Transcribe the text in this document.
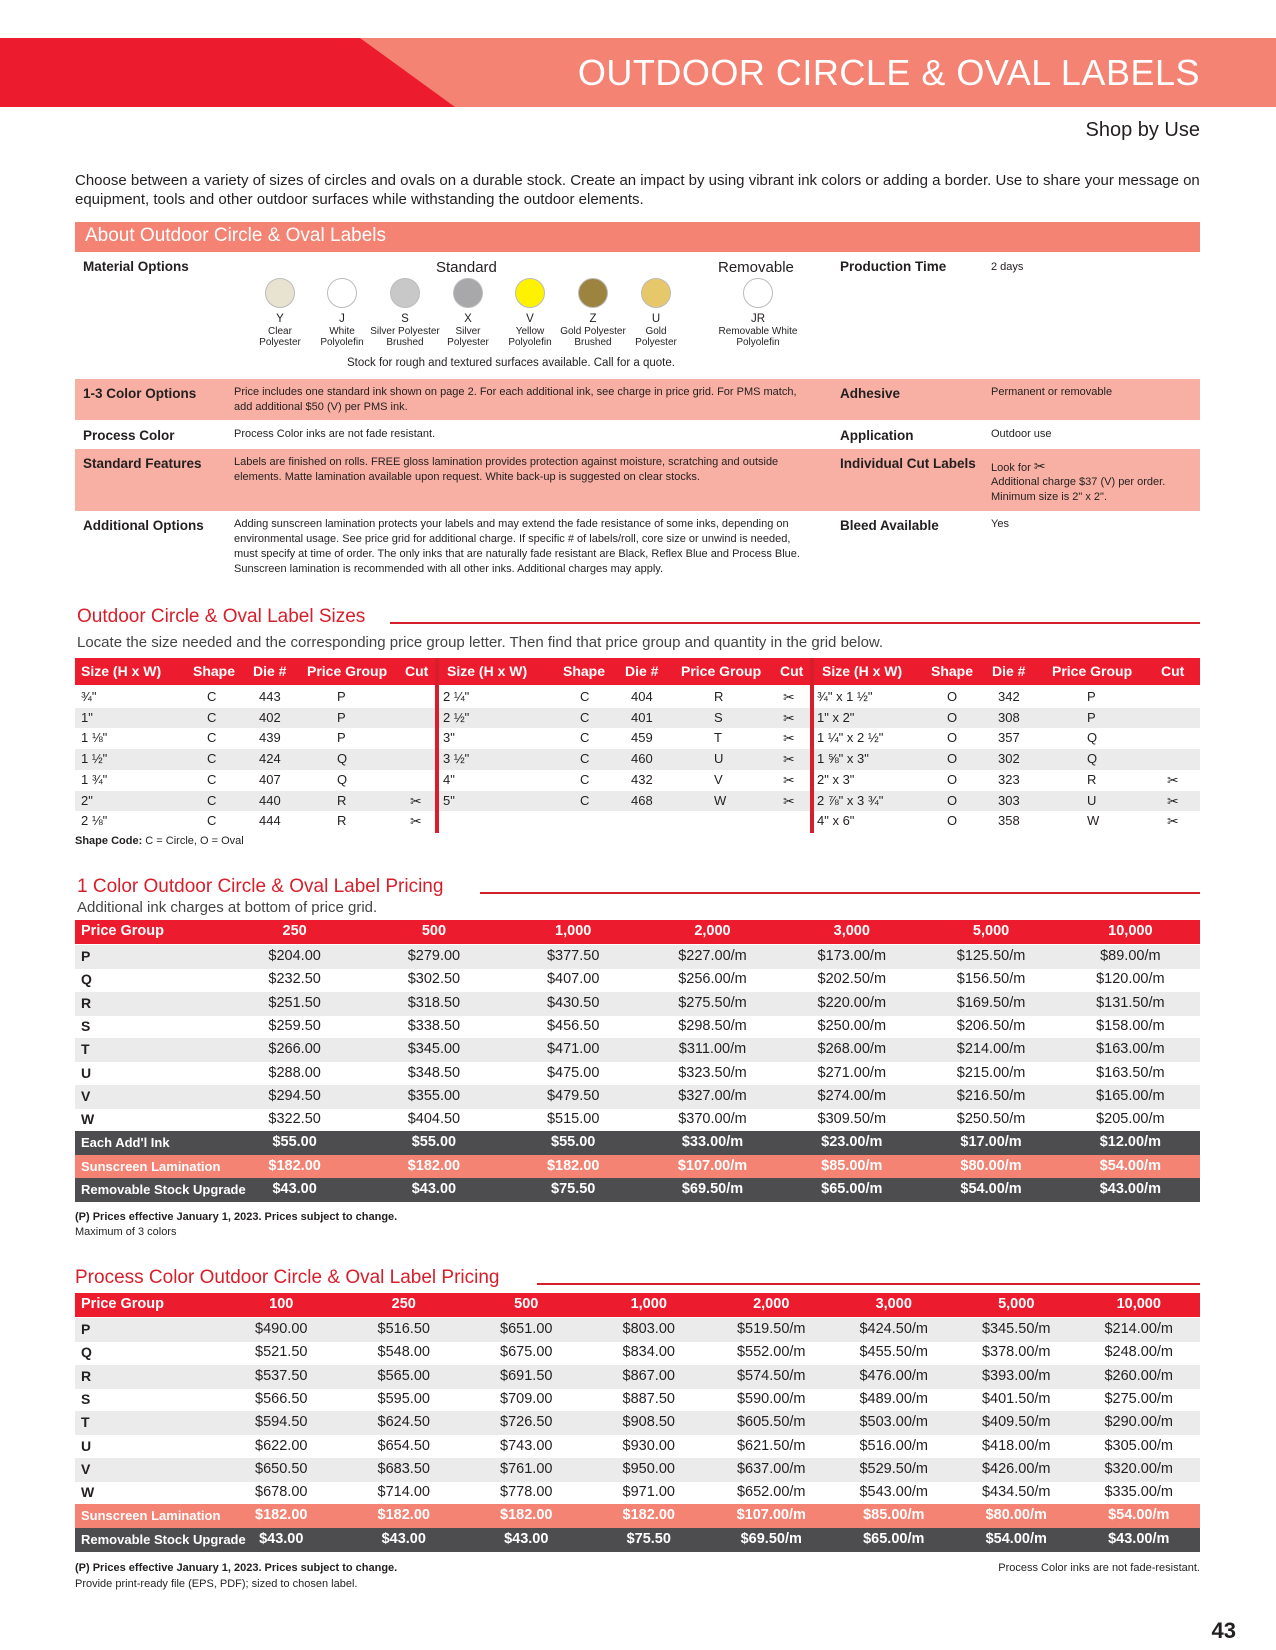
OUTDOOR CIRCLE & OVAL LABELS
Shop by Use
Choose between a variety of sizes of circles and ovals on a durable stock. Create an impact by using vibrant ink colors or adding a border. Use to share your message on equipment, tools and other outdoor surfaces while withstanding the outdoor elements.
About Outdoor Circle & Oval Labels
Material Options	Standard	Removable
Y
Clear
Polyester
J
White
Polyolefin
S
Silver Polyester
Brushed
X
Silver
Polyester
V
Yellow
Polyolefin
Z
Gold Polyester
Brushed
U
Gold
Polyester
JR
Removable White
Polyolefin
Stock for rough and textured surfaces available. Call for a quote.
Production Time	2 days
1-3 Color Options	Price includes one standard ink shown on page 2. For each additional ink, see charge in price grid. For PMS match, add additional $50 (V) per PMS ink.
Adhesive	Permanent or removable
Process Color	Process Color inks are not fade resistant.	Application	Outdoor use
Standard Features	Labels are finished on rolls. FREE gloss lamination provides protection against moisture, scratching and outside elements. Matte lamination available upon request. White back-up is suggested on clear stocks.
Individual Cut Labels Look for ✂
Additional charge $37 (V) per order.
Minimum size is 2" x 2".
Additional Options	Adding sunscreen lamination protects your labels and may extend the fade resistance of some inks, depending on environmental usage. See price grid for additional charge. If specific # of labels/roll, core size or unwind is needed, must specify at time of order. The only inks that are naturally fade resistant are Black, Reflex Blue and Process Blue. Sunscreen lamination is recommended with all other inks. Additional charges may apply.
Bleed Available	Yes
Outdoor Circle & Oval Label Sizes
Locate the size needed and the corresponding price group letter. Then find that price group and quantity in the grid below.
Size (H x W) Shape Die # Price Group Cut Size (H x W)	Shape Die # Price Group Cut Size (H x W) Shape Die # Price Group Cut
¾"	C	443	P
1"	C	402	P
1 ⅛"	C	439	P
1 ½"	C	424	Q
1 ¾"	C	407	Q
2"	C	440	R	✂
2 ⅛"	C	444	R	✂
2 ¼"	C	404	R	✂
2 ½"	C	401	S	✂
3"	C	459	T	✂
3 ½"	C	460	U	✂
4"	C	432	V	✂
5"	C	468	W	✂
¾" x 1 ½"	O	342	P
1" x 2"	O	308	P
1 ¼" x 2 ½"	O	357	Q
1 ⅝" x 3"	O	302	Q
2" x 3"	O	323	R	✂
2 ⅞" x 3 ¾"	O	303	U	✂
4" x 6"	O	358	W	✂
Shape Code: C = Circle, O = Oval
1 Color Outdoor Circle & Oval Label Pricing
Additional ink charges at bottom of price grid.
Price Group	250	500	1,000	2,000	3,000	5,000	10,000
P	$204.00	$279.00	$377.50	$227.00/m	$173.00/m	$125.50/m	$89.00/m
Q	$232.50	$302.50	$407.00	$256.00/m	$202.50/m	$156.50/m	$120.00/m
R	$251.50	$318.50	$430.50	$275.50/m	$220.00/m	$169.50/m	$131.50/m
S	$259.50	$338.50	$456.50	$298.50/m	$250.00/m	$206.50/m	$158.00/m
T	$266.00	$345.00	$471.00	$311.00/m	$268.00/m	$214.00/m	$163.00/m
U	$288.00	$348.50	$475.00	$323.50/m	$271.00/m	$215.00/m	$163.50/m
V	$294.50	$355.00	$479.50	$327.00/m	$274.00/m	$216.50/m	$165.00/m
W	$322.50	$404.50	$515.00	$370.00/m	$309.50/m	$250.50/m	$205.00/m
Each Add'l Ink	$55.00	$55.00	$55.00	$33.00/m	$23.00/m	$17.00/m	$12.00/m
Sunscreen Lamination	$182.00	$182.00	$182.00	$107.00/m	$85.00/m	$80.00/m	$54.00/m
Removable Stock Upgrade	$43.00	$43.00	$75.50	$69.50/m	$65.00/m	$54.00/m	$43.00/m
(P) Prices effective January 1, 2023. Prices subject to change.
Maximum of 3 colors
Process Color Outdoor Circle & Oval Label Pricing
Price Group	100	250	500	1,000	2,000	3,000	5,000	10,000
P	$490.00	$516.50	$651.00	$803.00	$519.50/m	$424.50/m	$345.50/m	$214.00/m
Q	$521.50	$548.00	$675.00	$834.00	$552.00/m	$455.50/m	$378.00/m	$248.00/m
R	$537.50	$565.00	$691.50	$867.00	$574.50/m	$476.00/m	$393.00/m	$260.00/m
S	$566.50	$595.00	$709.00	$887.50	$590.00/m	$489.00/m	$401.50/m	$275.00/m
T	$594.50	$624.50	$726.50	$908.50	$605.50/m	$503.00/m	$409.50/m	$290.00/m
U	$622.00	$654.50	$743.00	$930.00	$621.50/m	$516.00/m	$418.00/m	$305.00/m
V	$650.50	$683.50	$761.00	$950.00	$637.00/m	$529.50/m	$426.00/m	$320.00/m
W	$678.00	$714.00	$778.00	$971.00	$652.00/m	$543.00/m	$434.50/m	$335.00/m
Sunscreen Lamination	$182.00	$182.00	$182.00	$182.00	$107.00/m	$85.00/m	$80.00/m	$54.00/m
Removable Stock Upgrade $43.00	$43.00	$43.00	$75.50	$69.50/m	$65.00/m	$54.00/m	$43.00/m
(P) Prices effective January 1, 2023. Prices subject to change.
Provide print-ready file (EPS, PDF); sized to chosen label.
Process Color inks are not fade-resistant.
43
